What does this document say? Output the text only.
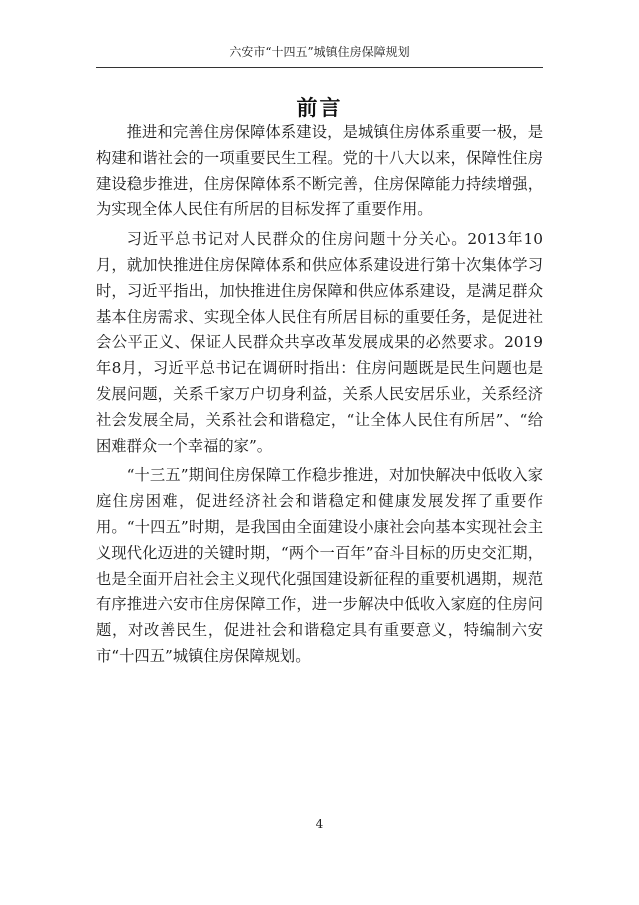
六安市“十四五”城镇住房保障规划
前言

推进和完善住房保障体系建设，是城镇住房体系重要一极，是构建和谐社会的一项重要民生工程。党的十八大以来，保障性住房建设稳步推进，住房保障体系不断完善，住房保障能力持续增强，为实现全体人民住有所居的目标发挥了重要作用。

习近平总书记对人民群众的住房问题十分关心。2013年10月，就加快推进住房保障体系和供应体系建设进行第十次集体学习时，习近平指出，加快推进住房保障和供应体系建设，是满足群众基本住房需求、实现全体人民住有所居目标的重要任务，是促进社会公平正义、保证人民群众共享改革发展成果的必然要求。2019年8月，习近平总书记在调研时指出：住房问题既是民生问题也是发展问题，关系千家万户切身利益，关系人民安居乐业，关系经济社会发展全局，关系社会和谐稳定，“让全体人民住有所居”、“给困难群众一个幸福的家”。

“十三五”期间住房保障工作稳步推进，对加快解决中低收入家庭住房困难，促进经济社会和谐稳定和健康发展发挥了重要作用。“十四五”时期，是我国由全面建设小康社会向基本实现社会主义现代化迈进的关键时期，“两个一百年”奋斗目标的历史交汇期，也是全面开启社会主义现代化强国建设新征程的重要机遇期，规范有序推进六安市住房保障工作，进一步解决中低收入家庭的住房问题，对改善民生，促进社会和谐稳定具有重要意义，特编制六安市“十四五”城镇住房保障规划。

4
